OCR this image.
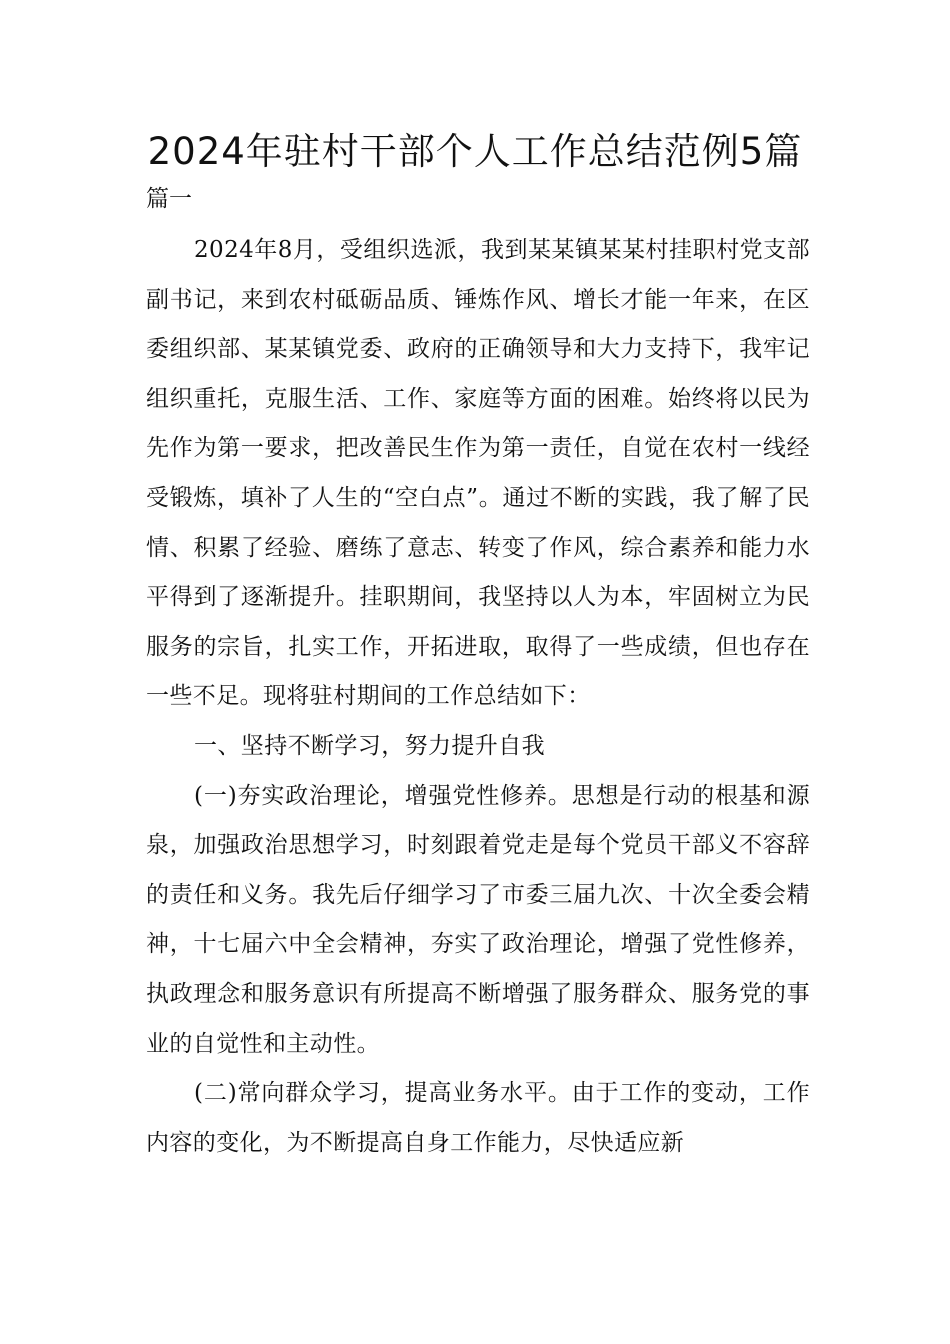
2024年驻村干部个人工作总结范例5篇

篇一

2024年8月，受组织选派，我到某某镇某某村挂职村党支部副书记，来到农村砥砺品质、锤炼作风、增长才能一年来，在区委组织部、某某镇党委、政府的正确领导和大力支持下，我牢记组织重托，克服生活、工作、家庭等方面的困难。始终将以民为先作为第一要求，把改善民生作为第一责任，自觉在农村一线经受锻炼，填补了人生的“空白点”。通过不断的实践，我了解了民情、积累了经验、磨练了意志、转变了作风，综合素养和能力水平得到了逐渐提升。挂职期间，我坚持以人为本，牢固树立为民服务的宗旨，扎实工作，开拓进取，取得了一些成绩，但也存在一些不足。现将驻村期间的工作总结如下：

一、坚持不断学习，努力提升自我

(一)夯实政治理论，增强党性修养。思想是行动的根基和源泉，加强政治思想学习，时刻跟着党走是每个党员干部义不容辞的责任和义务。我先后仔细学习了市委三届九次、十次全委会精神，十七届六中全会精神，夯实了政治理论，增强了党性修养，执政理念和服务意识有所提高不断增强了服务群众、服务党的事业的自觉性和主动性。

(二)常向群众学习，提高业务水平。由于工作的变动，工作内容的变化，为不断提高自身工作能力，尽快适应新
